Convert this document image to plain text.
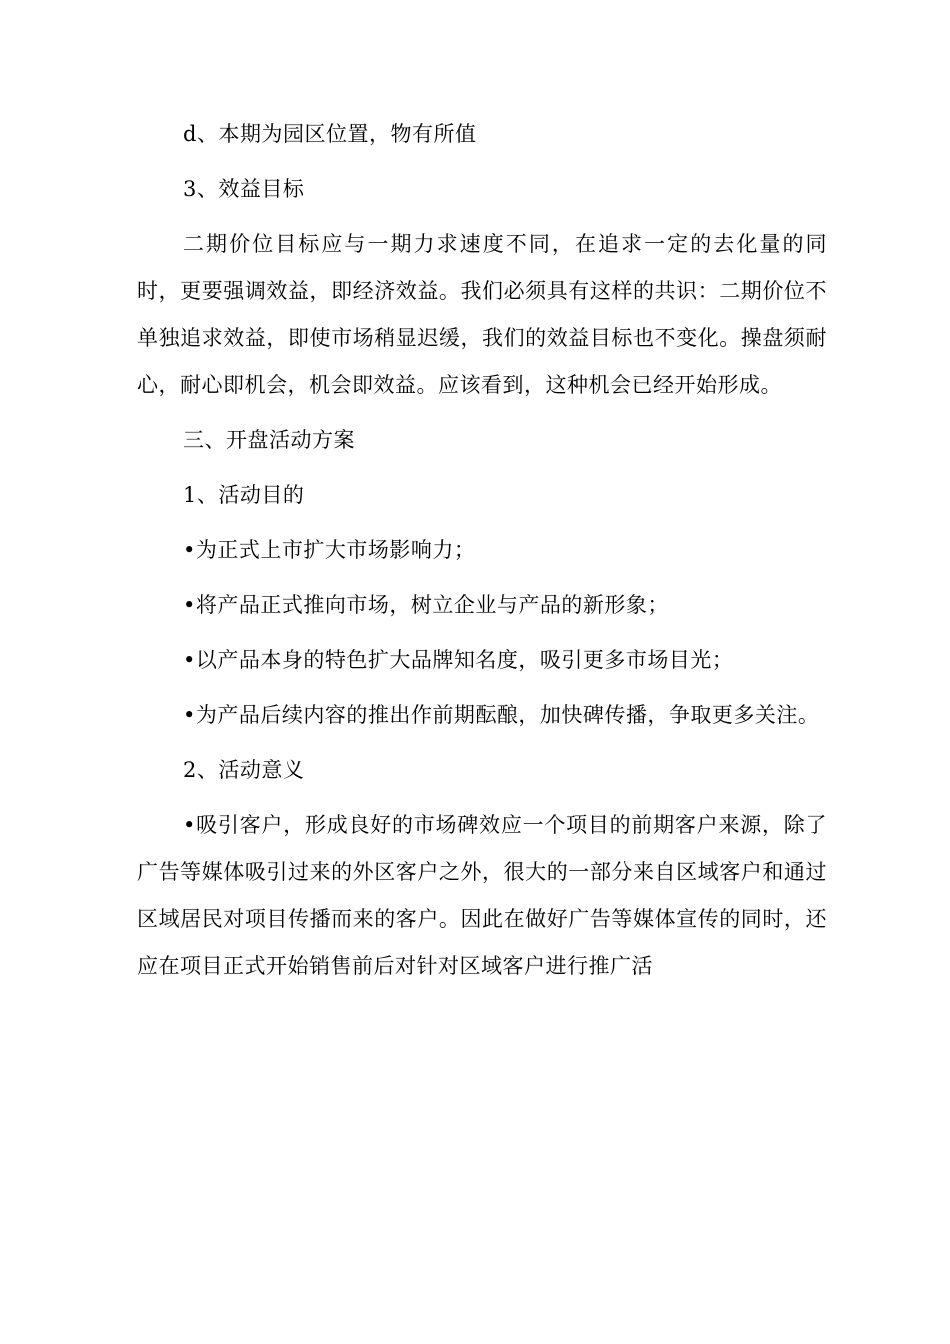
d、本期为园区位置，物有所值

3、效益目标

二期价位目标应与一期力求速度不同，在追求一定的去化量的同时，更要强调效益，即经济效益。我们必须具有这样的共识：二期价位不单独追求效益，即使市场稍显迟缓，我们的效益目标也不变化。操盘须耐心，耐心即机会，机会即效益。应该看到，这种机会已经开始形成。

三、开盘活动方案

1、活动目的

•为正式上市扩大市场影响力；

•将产品正式推向市场，树立企业与产品的新形象；

•以产品本身的特色扩大品牌知名度，吸引更多市场目光；

•为产品后续内容的推出作前期酝酿，加快碑传播，争取更多关注。

2、活动意义

•吸引客户，形成良好的市场碑效应一个项目的前期客户来源，除了广告等媒体吸引过来的外区客户之外，很大的一部分来自区域客户和通过区域居民对项目传播而来的客户。因此在做好广告等媒体宣传的同时，还应在项目正式开始销售前后对针对区域客户进行推广活
